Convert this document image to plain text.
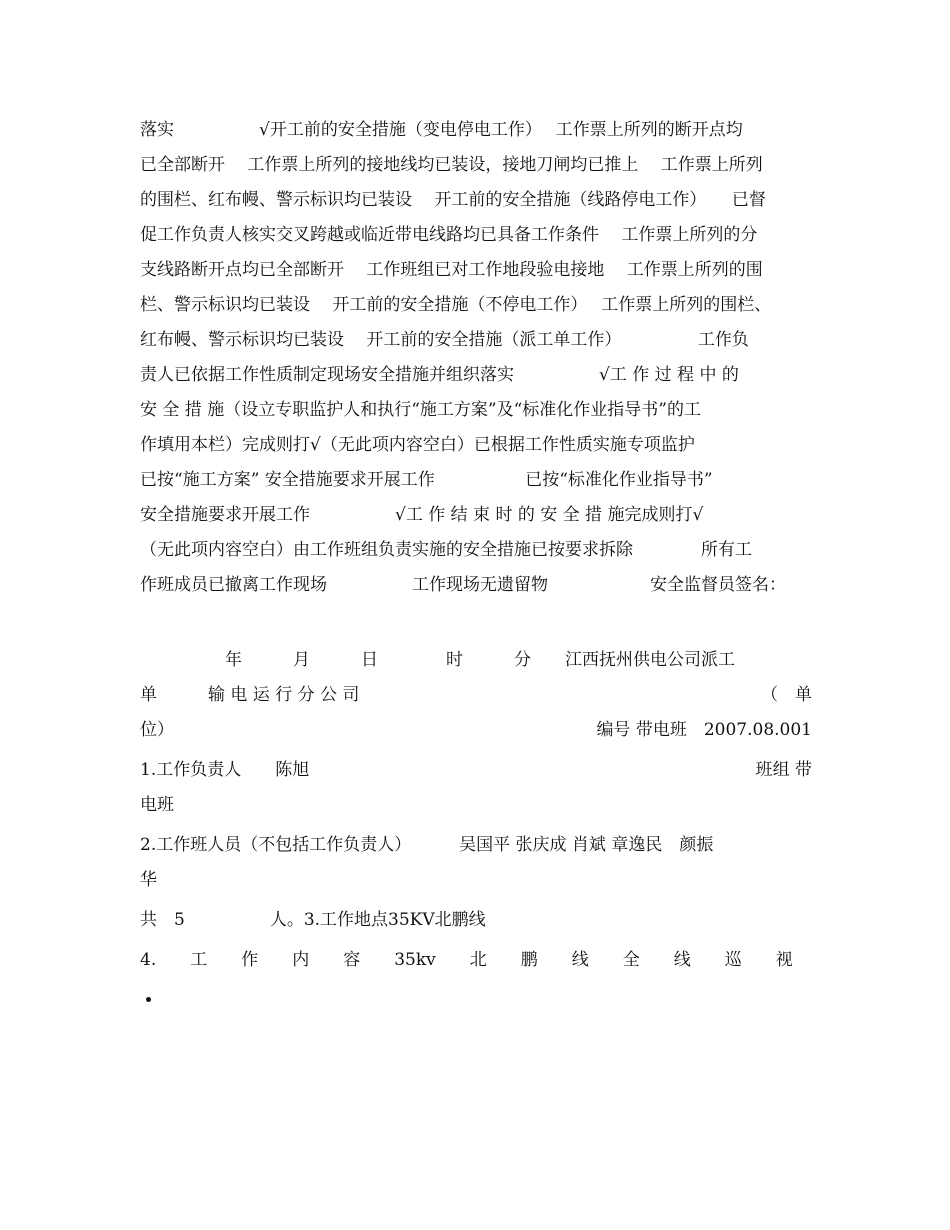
落实　　　　　√开工前的安全措施（变电停电工作）　 工作票上所列的断开点均
已全部断开　 工作票上所列的接地线均已装设，接地刀闸均已推上　 工作票上所列
的围栏、红布幔、警示标识均已装设　 开工前的安全措施（线路停电工作）　　已督
促工作负责人核实交叉跨越或临近带电线路均已具备工作条件　 工作票上所列的分
支线路断开点均已全部断开　 工作班组已对工作地段验电接地　 工作票上所列的围
栏、警示标识均已装设　 开工前的安全措施（不停电工作）　 工作票上所列的围栏、
红布幔、警示标识均已装设　 开工前的安全措施（派工单工作）　　　　　工作负
责人已依据工作性质制定现场安全措施并组织落实　　　　　√工 作 过 程 中 的
安 全 措 施（设立专职监护人和执行“施工方案”及“标准化作业指导书”的工
作填用本栏）完成则打√（无此项内容空白）已根据工作性质实施专项监护
已按“施工方案” 安全措施要求开展工作　　　　　 已按“标准化作业指导书”
安全措施要求开展工作　　　　　√工 作 结 束 时 的 安 全 措 施完成则打√
（无此项内容空白）由工作班组负责实施的安全措施已按要求拆除　　　　所有工
作班成员已撤离工作现场　　　　　工作现场无遗留物　　　　　　安全监督员签名：
　　　　　年　　　月　　　日　　　　时　　　分　　江西抚州供电公司派工
单　　　输 电 运 行 分 公 司	（　单
位）	编号 带电班　2007.08.001
1.工作负责人　　陈旭	班组 带
电班
2.工作班人员（不包括工作负责人）　　　 吴国平 张庆成 肖斌 章逸民　颜振
华
共　5　　　　　人。3.工作地点35KV北鹏线
4.　　工　　作　　内　　容　　35kv　　北　　鹏　　线　　全　　线　　巡　　视
